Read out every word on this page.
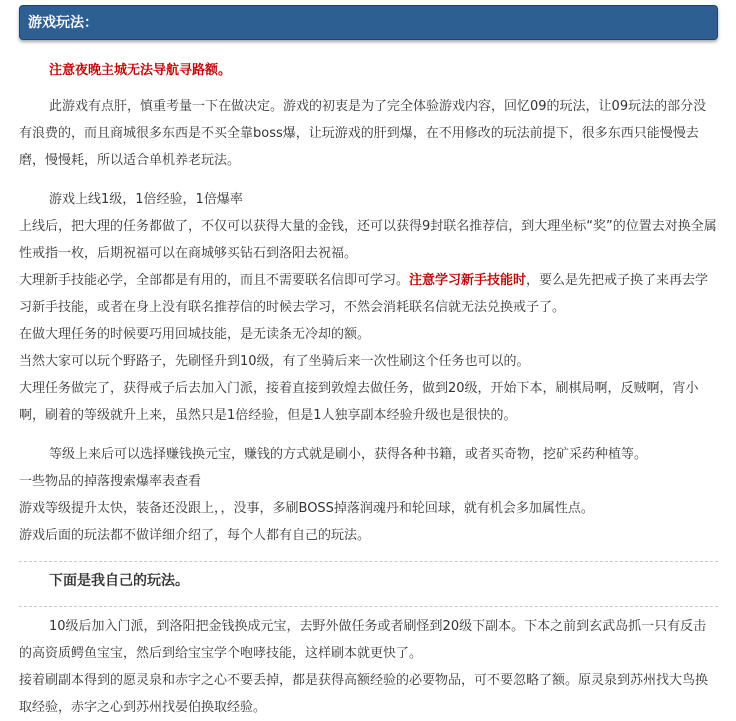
游戏玩法：

注意夜晚主城无法导航寻路额。

此游戏有点肝，慎重考量一下在做决定。游戏的初衷是为了完全体验游戏内容，回忆09的玩法，让09玩法的部分没有浪费的，而且商城很多东西是不买全靠boss爆，让玩游戏的肝到爆，在不用修改的玩法前提下，很多东西只能慢慢去磨，慢慢耗，所以适合单机养老玩法。

游戏上线1级，1倍经验，1倍爆率

上线后，把大理的任务都做了，不仅可以获得大量的金钱，还可以获得9封联名推荐信，到大理坐标“奖”的位置去对换全属性戒指一枚，后期祝福可以在商城够买钻石到洛阳去祝福。

大理新手技能必学，全部都是有用的，而且不需要联名信即可学习。注意学习新手技能时，要么是先把戒子换了来再去学习新手技能，或者在身上没有联名推荐信的时候去学习，不然会消耗联名信就无法兑换戒子了。

在做大理任务的时候要巧用回城技能，是无读条无冷却的额。

当然大家可以玩个野路子，先刷怪升到10级，有了坐骑后来一次性刷这个任务也可以的。

大理任务做完了，获得戒子后去加入门派，接着直接到敦煌去做任务，做到20级，开始下本，刷棋局啊，反贼啊，宵小啊，刷着的等级就升上来，虽然只是1倍经验，但是1人独享副本经验升级也是很快的。

等级上来后可以选择赚钱换元宝，赚钱的方式就是刷小，获得各种书籍，或者买奇物，挖矿采药种植等。

一些物品的掉落搜索爆率表查看

游戏等级提升太快，装备还没跟上，，没事，多刷BOSS掉落润魂丹和轮回球，就有机会多加属性点。

游戏后面的玩法都不做详细介绍了，每个人都有自己的玩法。

下面是我自己的玩法。

10级后加入门派，到洛阳把金钱换成元宝，去野外做任务或者刷怪到20级下副本。下本之前到玄武岛抓一只有反击的高资质鳄鱼宝宝，然后到给宝宝学个咆哮技能，这样刷本就更快了。

接着刷副本得到的愿灵泉和赤字之心不要丢掉，都是获得高额经验的必要物品，可不要忽略了额。原灵泉到苏州找大鸟换取经验，赤字之心到苏州找晏伯换取经验。
